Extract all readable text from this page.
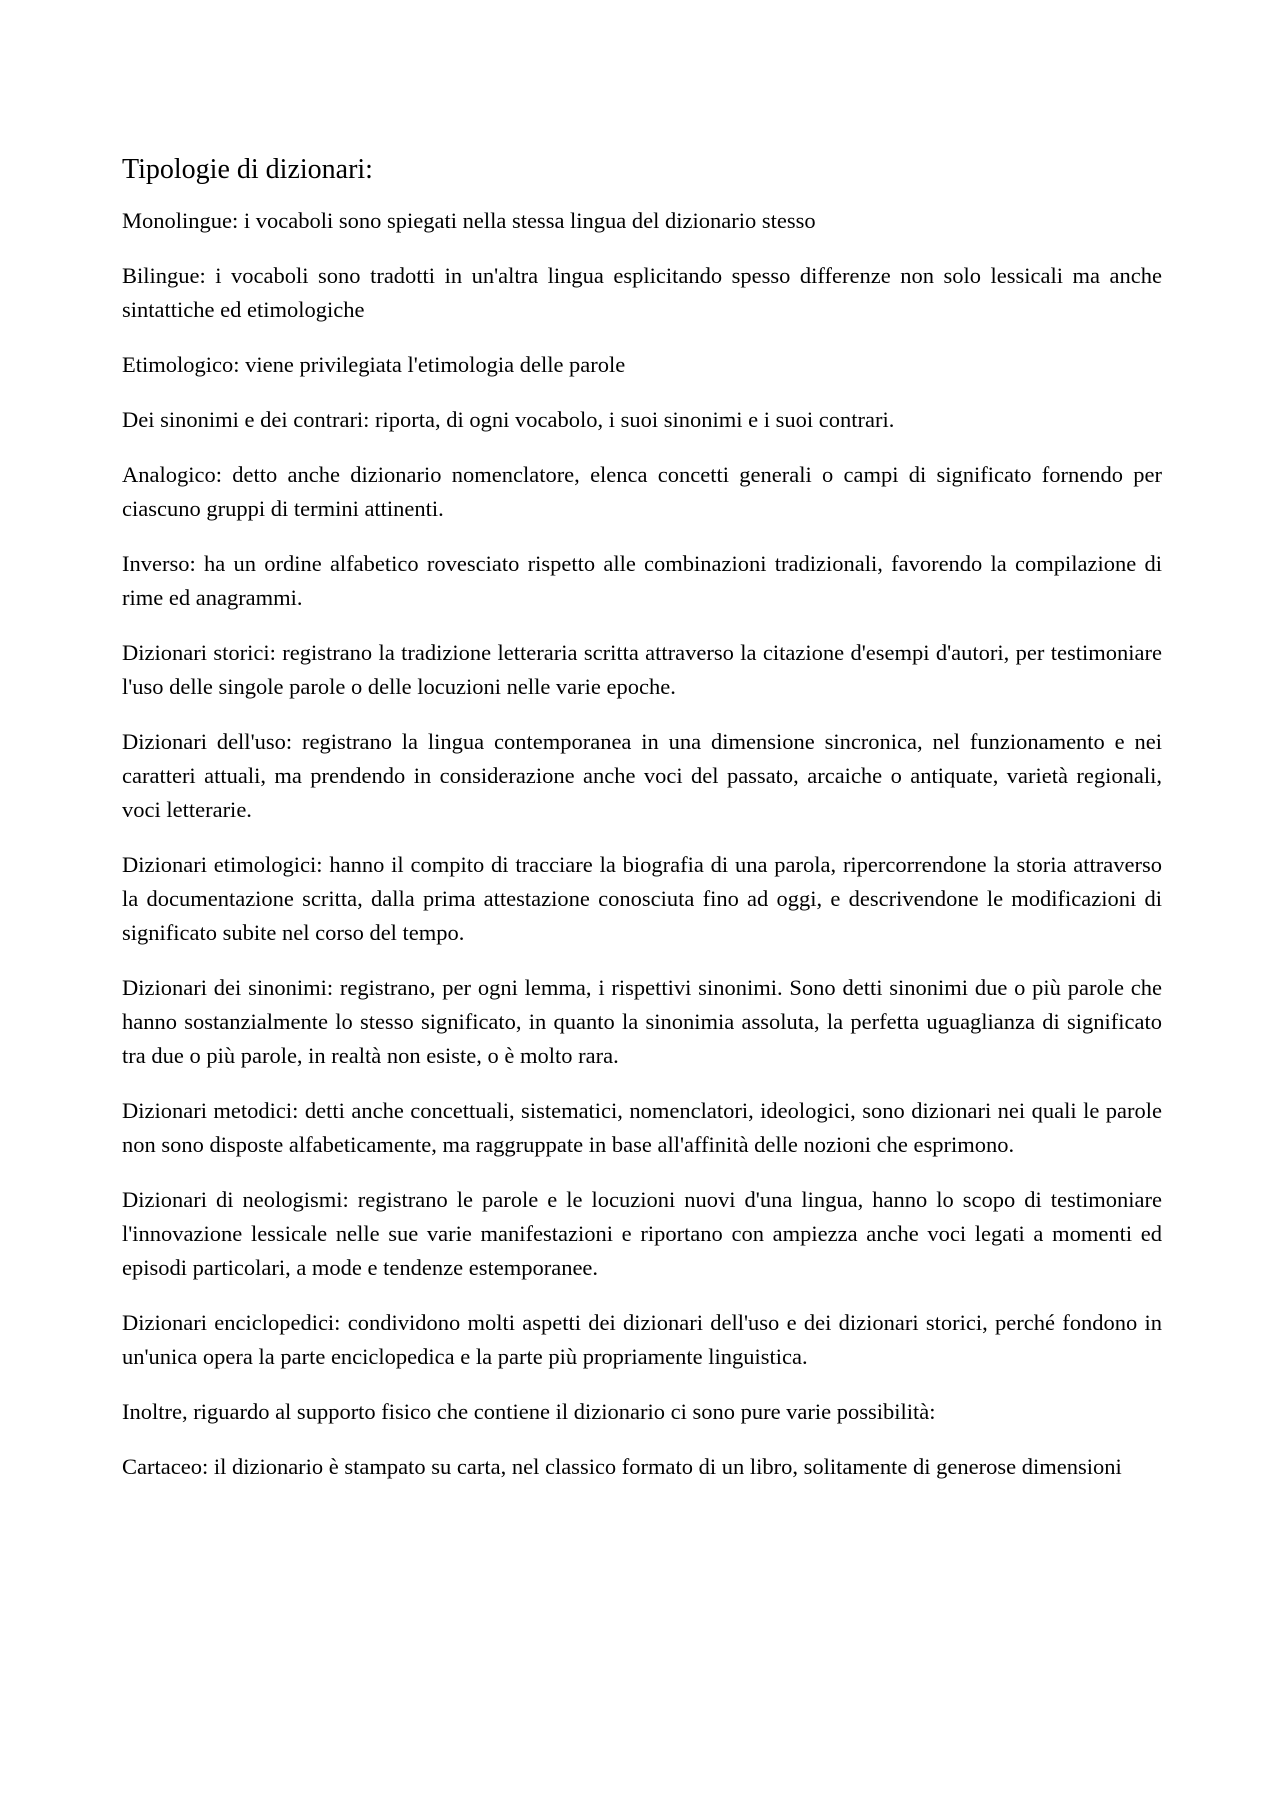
Tipologie di dizionari:

Monolingue: i vocaboli sono spiegati nella stessa lingua del dizionario stesso

Bilingue: i vocaboli sono tradotti in un'altra lingua esplicitando spesso differenze non solo lessicali ma anche sintattiche ed etimologiche

Etimologico: viene privilegiata l'etimologia delle parole

Dei sinonimi e dei contrari: riporta, di ogni vocabolo, i suoi sinonimi e i suoi contrari.

Analogico: detto anche dizionario nomenclatore, elenca concetti generali o campi di significato fornendo per ciascuno gruppi di termini attinenti.

Inverso: ha un ordine alfabetico rovesciato rispetto alle combinazioni tradizionali, favorendo la compilazione di rime ed anagrammi.

Dizionari storici: registrano la tradizione letteraria scritta attraverso la citazione d'esempi d'autori, per testimoniare l'uso delle singole parole o delle locuzioni nelle varie epoche.

Dizionari dell'uso: registrano la lingua contemporanea in una dimensione sincronica, nel funzionamento e nei caratteri attuali, ma prendendo in considerazione anche voci del passato, arcaiche o antiquate, varietà regionali, voci letterarie.

Dizionari etimologici: hanno il compito di tracciare la biografia di una parola, ripercorrendone la storia attraverso la documentazione scritta, dalla prima attestazione conosciuta fino ad oggi, e descrivendone le modificazioni di significato subite nel corso del tempo.

Dizionari dei sinonimi: registrano, per ogni lemma, i rispettivi sinonimi. Sono detti sinonimi due o più parole che hanno sostanzialmente lo stesso significato, in quanto la sinonimia assoluta, la perfetta uguaglianza di significato tra due o più parole, in realtà non esiste, o è molto rara.

Dizionari metodici: detti anche concettuali, sistematici, nomenclatori, ideologici, sono dizionari nei quali le parole non sono disposte alfabeticamente, ma raggruppate in base all'affinità delle nozioni che esprimono.

Dizionari di neologismi: registrano le parole e le locuzioni nuovi d'una lingua, hanno lo scopo di testimoniare l'innovazione lessicale nelle sue varie manifestazioni e riportano con ampiezza anche voci legati a momenti ed episodi particolari, a mode e tendenze estemporanee.

Dizionari enciclopedici: condividono molti aspetti dei dizionari dell'uso e dei dizionari storici, perché fondono in un'unica opera la parte enciclopedica e la parte più propriamente linguistica.

Inoltre, riguardo al supporto fisico che contiene il dizionario ci sono pure varie possibilità:

Cartaceo: il dizionario è stampato su carta, nel classico formato di un libro, solitamente di generose dimensioni
